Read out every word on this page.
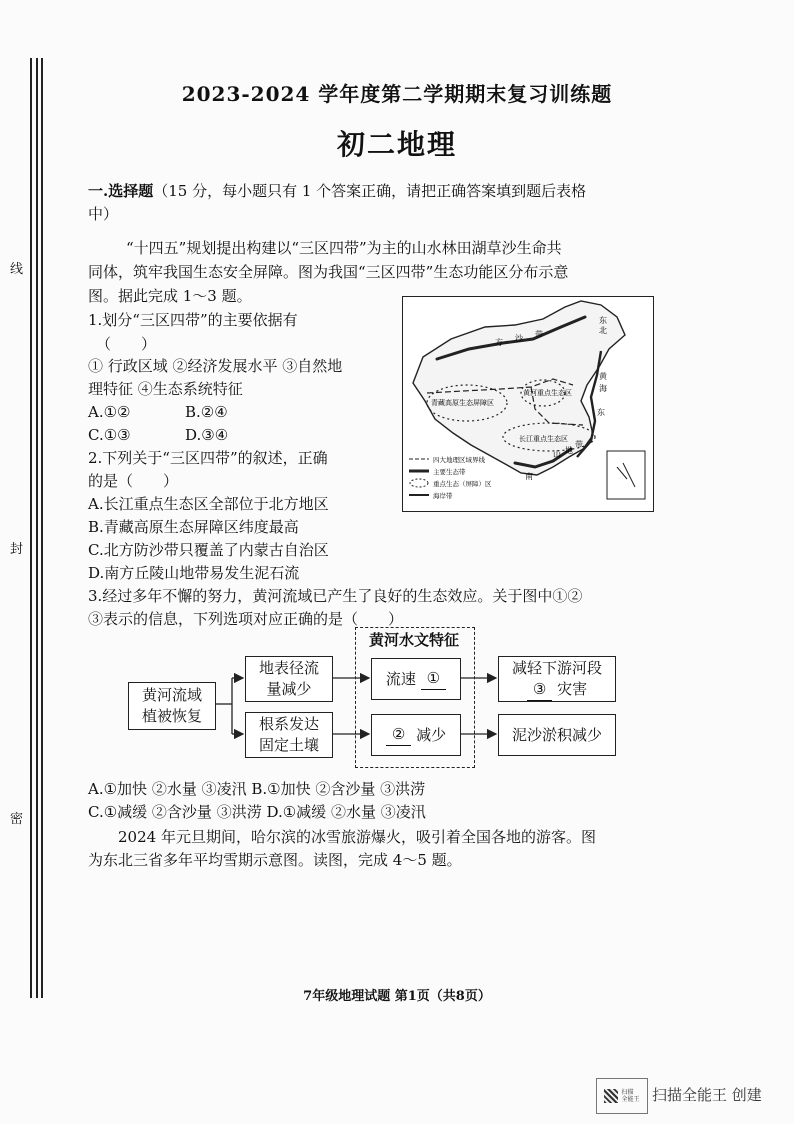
线
封
密
2023-2024 学年度第二学期期末复习训练题
初二地理
一.选择题（15 分，每小题只有 1 个答案正确，请把正确答案填到题后表格
中）
“十四五”规划提出构建以“三区四带”为主的山水林田湖草沙生命共
同体，筑牢我国生态安全屏障。图为我国“三区四带”生态功能区分布示意
图。据此完成 1～3 题。
东
北
方 沙 带
青藏高原生态屏障区
黄河重点生态区
长江重点生态区
黄
海
东
山 地
带
南
四大地理区域界线
主要生态带
重点生态（屏障）区
海岸带
1.划分“三区四带”的主要依据有
（　　）
① 行政区域 ②经济发展水平 ③自然地
理特征 ④生态系统特征
A.①②	B.②④
C.①③	D.③④
2.下列关于“三区四带”的叙述，正确
的是（　　）
A.长江重点生态区全部位于北方地区
B.青藏高原生态屏障区纬度最高
C.北方防沙带只覆盖了内蒙古自治区
D.南方丘陵山地带易发生泥石流
3.经过多年不懈的努力，黄河流域已产生了良好的生态效应。关于图中①②
③表示的信息，下列选项对应正确的是（　　）
黄河水文特征
黄河流域
植被恢复
地表径流
量减少
根系发达
固定土壤
流速
①
②
减少
减轻下游河段
③ 灾害
泥沙淤积减少
A.①加快 ②水量 ③凌汛 B.①加快 ②含沙量 ③洪涝
C.①减缓 ②含沙量 ③洪涝 D.①减缓 ②水量 ③凌汛
2024 年元旦期间，哈尔滨的冰雪旅游爆火，吸引着全国各地的游客。图
为东北三省多年平均雪期示意图。读图，完成 4～5 题。
7年级地理试题 第1页（共8页）
扫描
全能王 扫描全能王 创建
